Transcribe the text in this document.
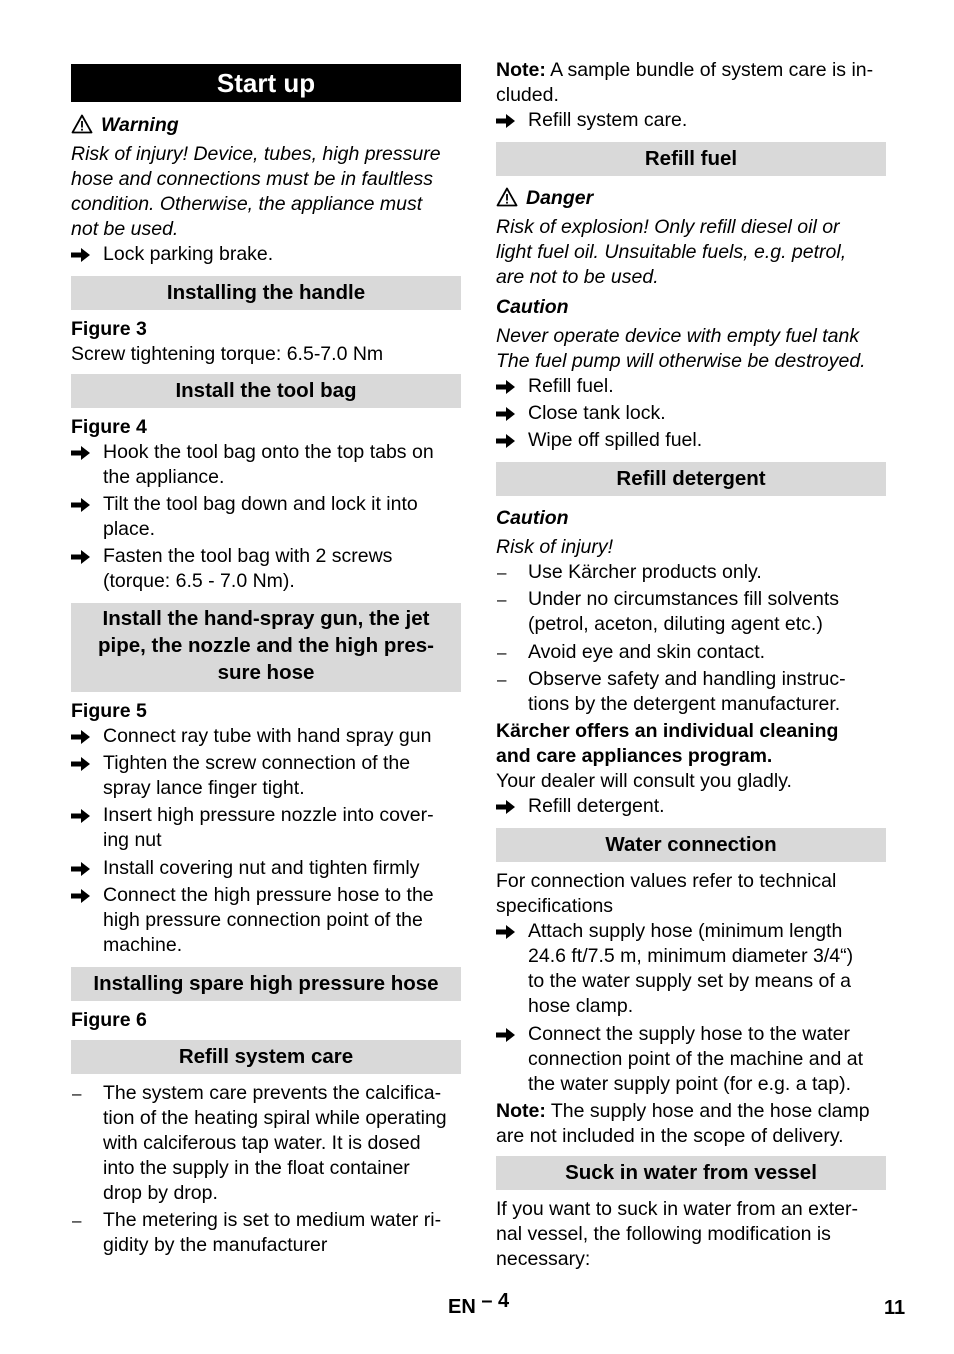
Start up
Warning
Risk of injury! Device, tubes, high pressure
hose and connections must be in faultless
condition. Otherwise, the appliance must
not be used.
Lock parking brake.
Installing the handle
Figure 3
Screw tightening torque: 6.5-7.0 Nm
Install the tool bag
Figure 4
Hook the tool bag onto the top tabs on
the appliance.
Tilt the tool bag down and lock it into
place.
Fasten the tool bag with 2 screws
(torque: 6.5 - 7.0 Nm).
Install the hand-spray gun, the jet
pipe, the nozzle and the high pres-
sure hose
Figure 5
Connect ray tube with hand spray gun
Tighten the screw connection of the
spray lance finger tight.
Insert high pressure nozzle into cover-
ing nut
Install covering nut and tighten firmly
Connect the high pressure hose to the
high pressure connection point of the
machine.
Installing spare high pressure hose
Figure 6
Refill system care
–	The system care prevents the calcifica-
tion of the heating spiral while operating
with calciferous tap water. It is dosed
into the supply in the float container
drop by drop.
–	The metering is set to medium water ri-
gidity by the manufacturer
Note: A sample bundle of system care is in-
cluded.
Refill system care.
Refill fuel
Danger
Risk of explosion! Only refill diesel oil or
light fuel oil. Unsuitable fuels, e.g. petrol,
are not to be used.
Caution
Never operate device with empty fuel tank
The fuel pump will otherwise be destroyed.
Refill fuel.
Close tank lock.
Wipe off spilled fuel.
Refill detergent
Caution
Risk of injury!
–	Use Kärcher products only.
–	Under no circumstances fill solvents
(petrol, aceton, diluting agent etc.)
–	Avoid eye and skin contact.
–	Observe safety and handling instruc-
tions by the detergent manufacturer.
Kärcher offers an individual cleaning
and care appliances program.
Your dealer will consult you gladly.
Refill detergent.
Water connection
For connection values refer to technical
specifications
Attach supply hose (minimum length
24.6 ft/7.5 m, minimum diameter 3/4“)
to the water supply set by means of a
hose clamp.
Connect the supply hose to the water
connection point of the machine and at
the water supply point (for e.g. a tap).
Note: The supply hose and the hose clamp
are not included in the scope of delivery.
Suck in water from vessel
If you want to suck in water from an exter-
nal vessel, the following modification is
necessary:
EN – 4	11
